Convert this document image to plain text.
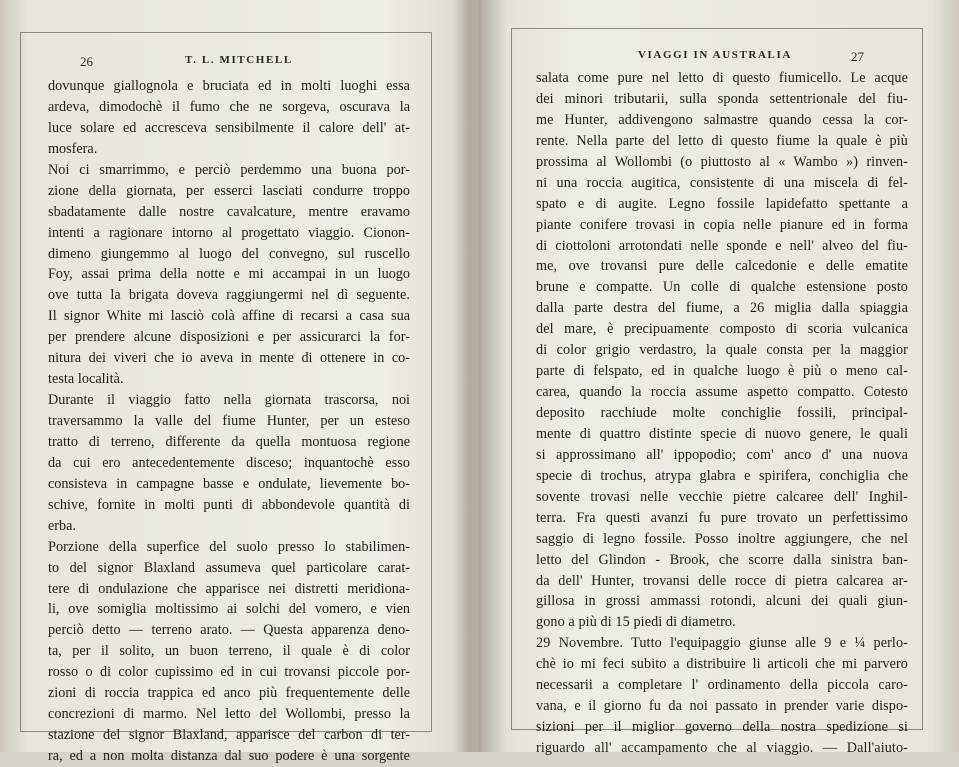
26	T. L. MITCHELL
dovunque giallognola e bruciata ed in molti luoghi essa
ardeva, dimodochè il fumo che ne sorgeva, oscurava la
luce solare ed accresceva sensibilmente il calore dell' at-
mosfera.
Noi ci smarrimmo, e perciò perdemmo una buona por-
zione della giornata, per esserci lasciati condurre troppo
sbadatamente dalle nostre cavalcature, mentre eravamo
intenti a ragionare intorno al progettato viaggio. Cionon-
dimeno giungemmo al luogo del convegno, sul ruscello
Foy, assai prima della notte e mi accampai in un luogo
ove tutta la brigata doveva raggiungermi nel dì seguente.
Il signor White mi lasciò colà affine di recarsi a casa sua
per prendere alcune disposizioni e per assicurarci la for-
nitura dei viveri che io aveva in mente di ottenere in co-
testa località.
Durante il viaggio fatto nella giornata trascorsa, noi
traversammo la valle del fiume Hunter, per un esteso
tratto di terreno, differente da quella montuosa regione
da cui ero antecedentemente disceso; inquantochè esso
consisteva in campagne basse e ondulate, lievemente bo-
schive, fornite in molti punti di abbondevole quantità di
erba.
Porzione della superfice del suolo presso lo stabilimen-
to del signor Blaxland assumeva quel particolare carat-
tere di ondulazione che apparisce nei distretti meridiona-
li, ove somiglia moltissimo ai solchi del vomero, e vien
perciò detto — terreno arato. — Questa apparenza deno-
ta, per il solito, un buon terreno, il quale è di color
rosso o di color cupissimo ed in cui trovansi piccole por-
zioni di roccia trappica ed anco più frequentemente delle
concrezioni di marmo. Nel letto del Wollombi, presso la
stazione del signor Blaxland, apparisce del carbon di ter-
ra, ed a non molta distanza dal suo podere è una sorgente
VIAGGI IN AUSTRALIA	27
salata come pure nel letto di questo fiumicello. Le acque
dei minori tributarii, sulla sponda settentrionale del fiu-
me Hunter, addivengono salmastre quando cessa la cor-
rente. Nella parte del letto di questo fiume la quale è più
prossima al Wollombi (o piuttosto al « Wambo ») rinven-
ni una roccia augitica, consistente di una miscela di fel-
spato e di augite. Legno fossile lapidefatto spettante a
piante conifere trovasi in copia nelle pianure ed in forma
di ciottoloni arrotondati nelle sponde e nell' alveo del fiu-
me, ove trovansi pure delle calcedonie e delle ematite
brune e compatte. Un colle di qualche estensione posto
dalla parte destra del fiume, a 26 miglia dalla spiaggia
del mare, è precipuamente composto di scoria vulcanica
di color grigio verdastro, la quale consta per la maggior
parte di felspato, ed in qualche luogo è più o meno cal-
carea, quando la roccia assume aspetto compatto. Cotesto
deposito racchiude molte conchiglie fossili, principal-
mente di quattro distinte specie di nuovo genere, le quali
si approssimano all' ippopodio; com' anco d' una nuova
specie di trochus, atrypa glabra e spirifera, conchiglia che
sovente trovasi nelle vecchie pietre calcaree dell' Inghil-
terra. Fra questi avanzi fu pure trovato un perfettissimo
saggio di legno fossile. Posso inoltre aggiungere, che nel
letto del Glindon - Brook, che scorre dalla sinistra ban-
da dell' Hunter, trovansi delle rocce di pietra calcarea ar-
gillosa in grossi ammassi rotondi, alcuni dei quali giun-
gono a più di 15 piedi di diametro.
29 Novembre. Tutto l'equipaggio giunse alle 9 e ¼ perlo-
chè io mi feci subito a distribuire li articoli che mi parvero
necessarii a completare l' ordinamento della piccola caro-
vana, e il giorno fu da noi passato in prender varie dispo-
sizioni per il miglior governo della nostra spedizione si
riguardo all' accampamento che al viaggio. — Dall'aiuto-
